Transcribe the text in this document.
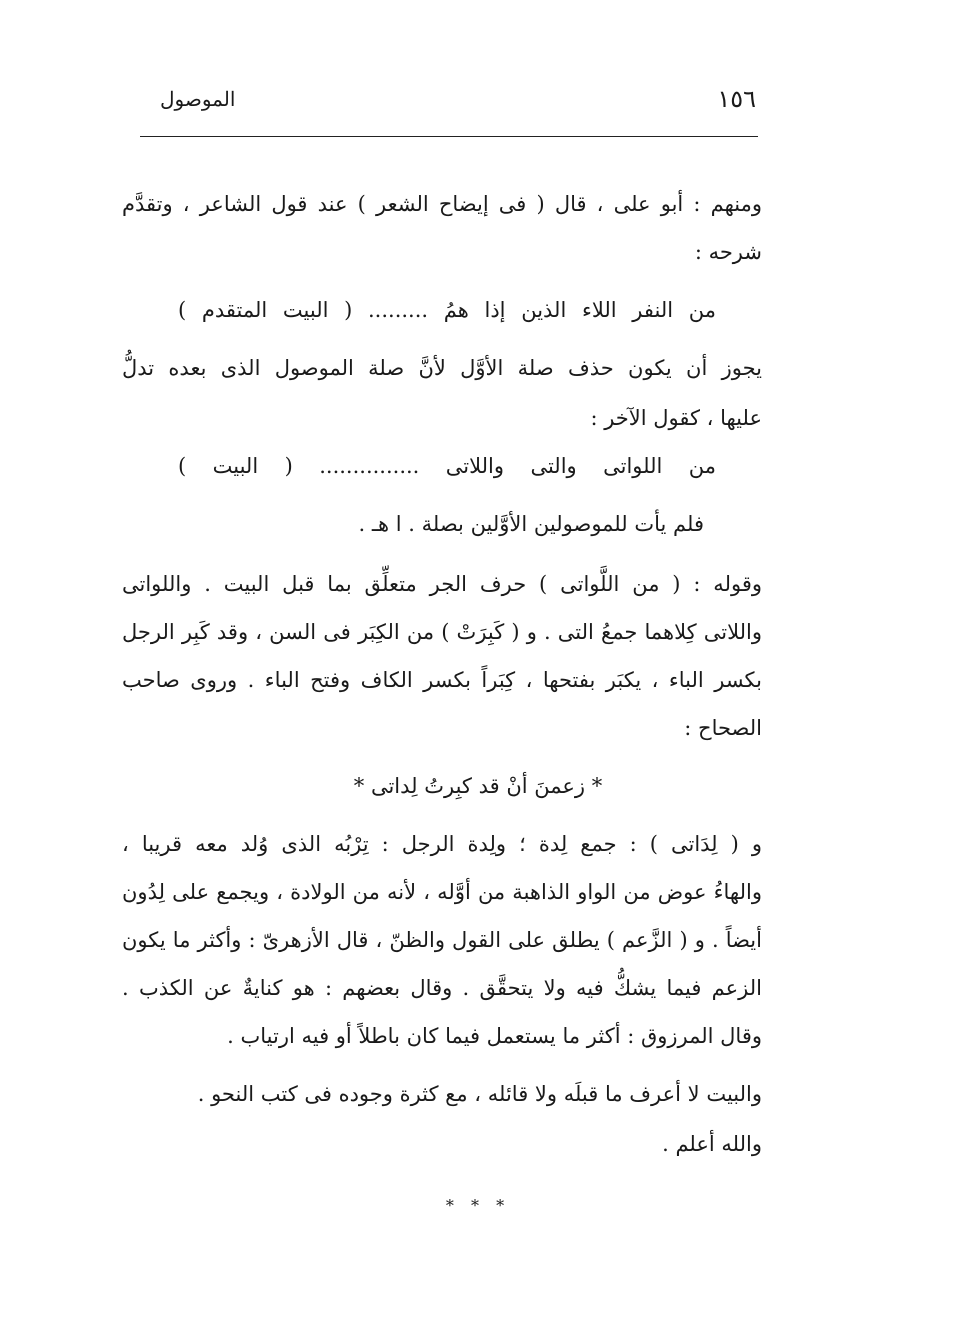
١٥٦
الموصول
ومنهم : أبو على ، قال ( فى إيضاح الشعر ) عند قول الشاعر ، وتقدَّم
شرحه :
من النفر اللاء الذين إذا همُ ......... ( البيت المتقدم )
يجوز أن يكون حذف صلة الأوَّل لأنَّ صلة الموصول الذى بعده تدلُّ
عليها ، كقول الآخر :
من اللواتى والتى واللاتى ............... ( البيت )
فلم يأت للموصولين الأوَّلين بصلة . ا هـ .
وقوله : ( من اللَّواتى ) حرف الجر متعلِّق بما قبل البيت . واللواتى
واللاتى كِلاهما جمعُ التى . و ( كَبِرَتْ ) من الكِبَر فى السن ، وقد كَبِر الرجل
بكسر الباء ، يكبَر بفتحها ، كِبَراً بكسر الكاف وفتح الباء . وروى صاحب
الصحاح :
* زعمنَ أنْ قد كبِرتُ لِداتى *
و ( لِدَاتى ) : جمع لِدة ؛ ولِدة الرجل : تِرْبُه الذى وُلد معه قريبا ،
والهاءُ عوض من الواو الذاهبة من أوَّله ، لأنه من الولادة ، ويجمع على لِدُون
أيضاً . و ( الزَّعم ) يطلق على القول والظنّ ، قال الأزهرىّ : وأكثر ما يكون
الزعم فيما يشكُّ فيه ولا يتحقَّق . وقال بعضهم : هو كنايةٌ عن الكذب .
وقال المرزوق : أكثر ما يستعمل فيما كان باطلاً أو فيه ارتياب .
والبيت لا أعرف ما قبلَه ولا قائله ، مع كثرة وجوده فى كتب النحو .
والله أعلم .
* * *
